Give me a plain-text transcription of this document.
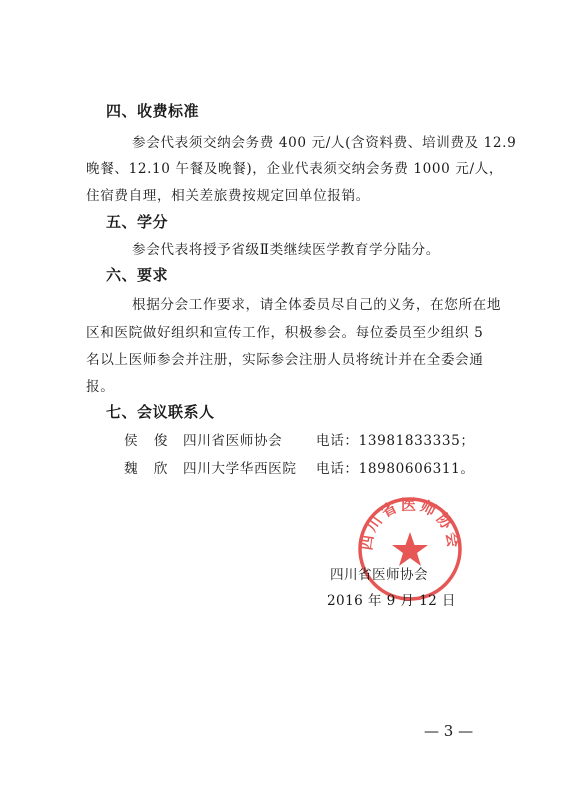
四、收费标准
参会代表须交纳会务费 400 元/人(含资料费、培训费及 12.9
晚餐、12.10 午餐及晚餐)，企业代表须交纳会务费 1000 元/人，
住宿费自理，相关差旅费按规定回单位报销。
五、学分
参会代表将授予省级Ⅱ类继续医学教育学分陆分。
六、要求
根据分会工作要求，请全体委员尽自己的义务，在您所在地
区和医院做好组织和宣传工作，积极参会。每位委员至少组织 5
名以上医师参会并注册，实际参会注册人员将统计并在全委会通
报。
七、会议联系人
侯 俊 四川省医师协会 电话：13981833335；
魏 欣 四川大学华西医院 电话：18980606311。
四川省医师协会
四川省医师协会
2016 年 9 月 12 日
— 3 —
